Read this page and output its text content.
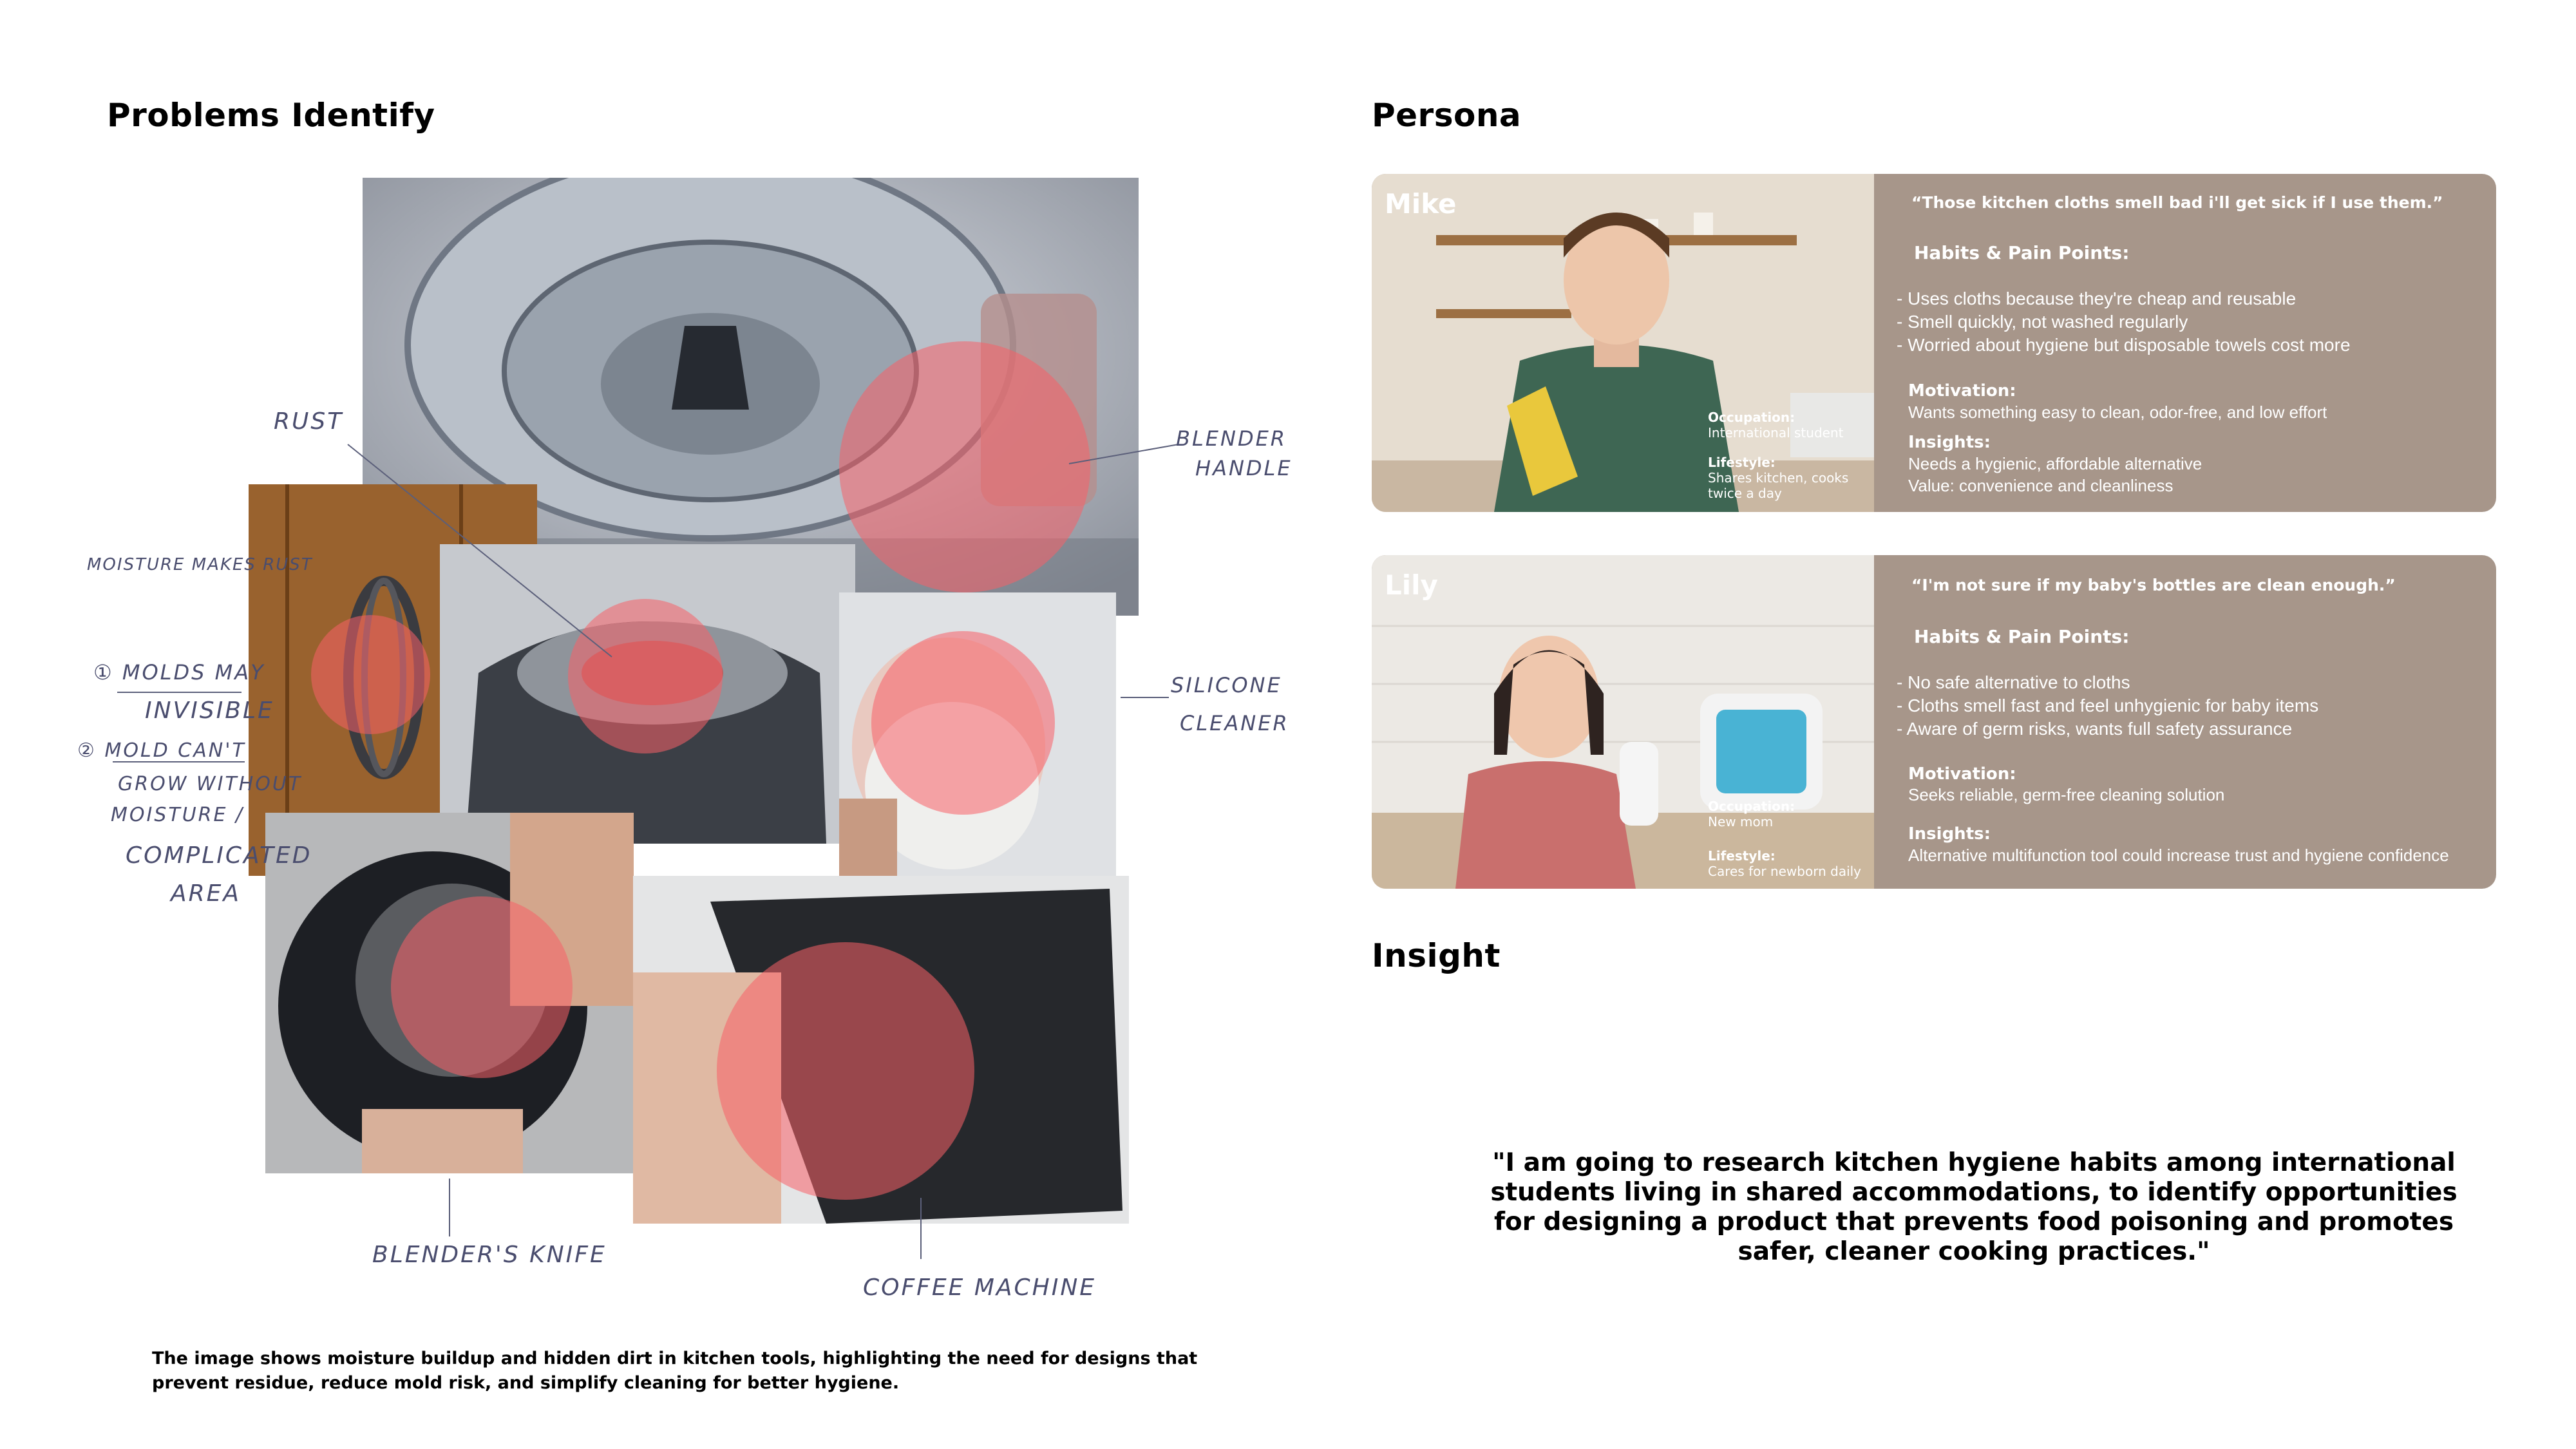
Problems Identify
RUST
MOISTURE MAKES RUST
① MOLDS MAY
INVISIBLE
② MOLD CAN'T
GROW WITHOUT
MOISTURE /
COMPLICATED
AREA
BLENDER
HANDLE
SILICONE
CLEANER
BLENDER'S KNIFE
COFFEE MACHINE

The image shows moisture buildup and hidden dirt in kitchen tools, highlighting the need for designs that prevent residue, reduce mold risk, and simplify cleaning for better hygiene.

Persona
Mike
Occupation:
International student
Lifestyle:
Shares kitchen, cooks
twice a day
“Those kitchen cloths smell bad i'll get sick if I use them.”
Habits & Pain Points:
- Uses cloths because they're cheap and reusable
- Smell quickly, not washed regularly
- Worried about hygiene but disposable towels cost more
Motivation:
Wants something easy to clean, odor-free, and low effort
Insights:
Needs a hygienic, affordable alternative
Value: convenience and cleanliness
Lily
Occupation:
New mom
Lifestyle:
Cares for newborn daily
“I'm not sure if my baby's bottles are clean enough.”
Habits & Pain Points:
- No safe alternative to cloths
- Cloths smell fast and feel unhygienic for baby items
- Aware of germ risks, wants full safety assurance
Motivation:
Seeks reliable, germ-free cleaning solution
Insights:
Alternative multifunction tool could increase trust and hygiene confidence
Insight

"I am going to research kitchen hygiene habits among international students living in shared accommodations, to identify opportunities for designing a product that prevents food poisoning and promotes safer, cleaner cooking practices."
